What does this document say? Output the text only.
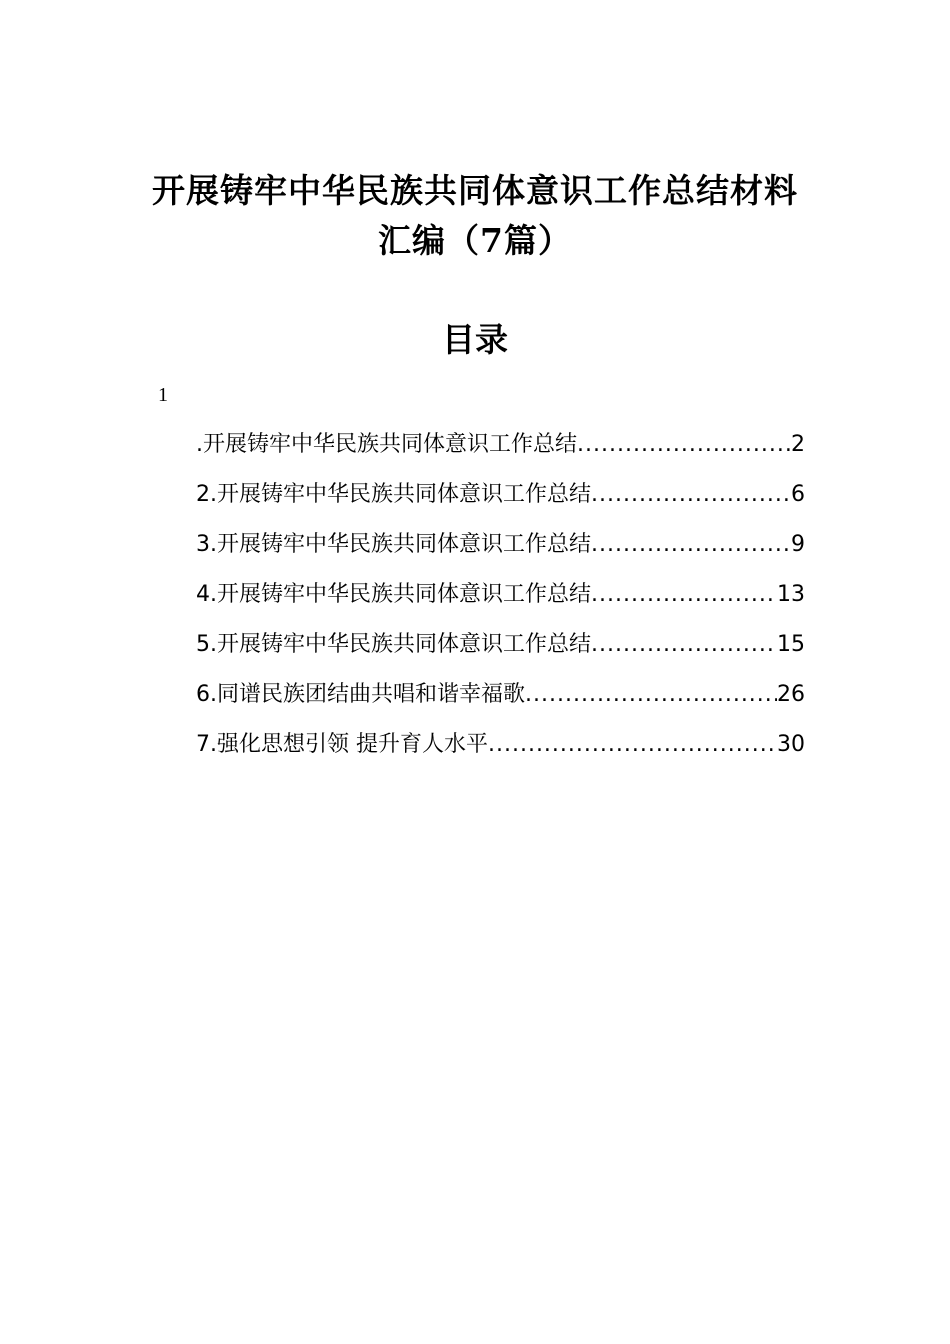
开展铸牢中华民族共同体意识工作总结材料汇编（7篇）
目录
1
.开展铸牢中华民族共同体意识工作总结 .....	2
2.开展铸牢中华民族共同体意识工作总结 .....	6
3.开展铸牢中华民族共同体意识工作总结 .....	9
4.开展铸牢中华民族共同体意识工作总结 .....	13
5.开展铸牢中华民族共同体意识工作总结 .....	15
6.同谱民族团结曲共唱和谐幸福歌 .....	26
7.强化思想引领 提升育人水平 .....	30
